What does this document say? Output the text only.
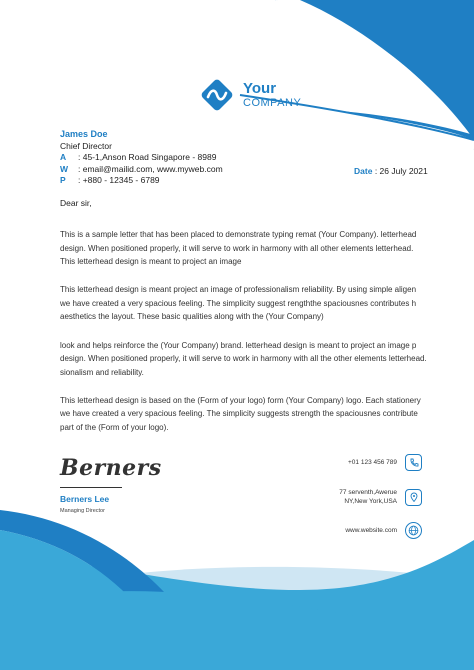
Your
COMPANY
James Doe
Chief Director
A	: 45-1,Anson Road Singapore - 8989
W	: email@mailid.com, www.myweb.com
P	: +880 - 12345 - 6789
Date : 26 July 2021
Dear sir,

This is a sample letter that has been placed to demonstrate typing remat (Your Company). letterhead
design. When positioned properly, it will serve to work in harmony with all other elements letterhead.
This letterhead design is meant to project an image

This letterhead design is meant project an image of professionalism reliability. By using simple aligen
we have created a very spacious feeling. The simplicity suggest rengththe spaciousnes contributes h
aesthetics the layout. These basic qualities along with the (Your Company)

look and helps reinforce the (Your Company) brand. letterhead design is meant to project an image p
design. When positioned properly, it will serve to work in harmony with all the other elements letterhead.
sionalism and reliability.

This letterhead design is based on the (Form of your logo) form (Your Company) logo. Each stationery
we have created a very spacious feeling. The simplicity suggests strength the spaciousnes contribute
part of the (Form of your logo).

Berners
Berners Lee
Managing Director
+01 123 456 789
77 serventh,Awerue
NY,New York,USA
www.website.com
